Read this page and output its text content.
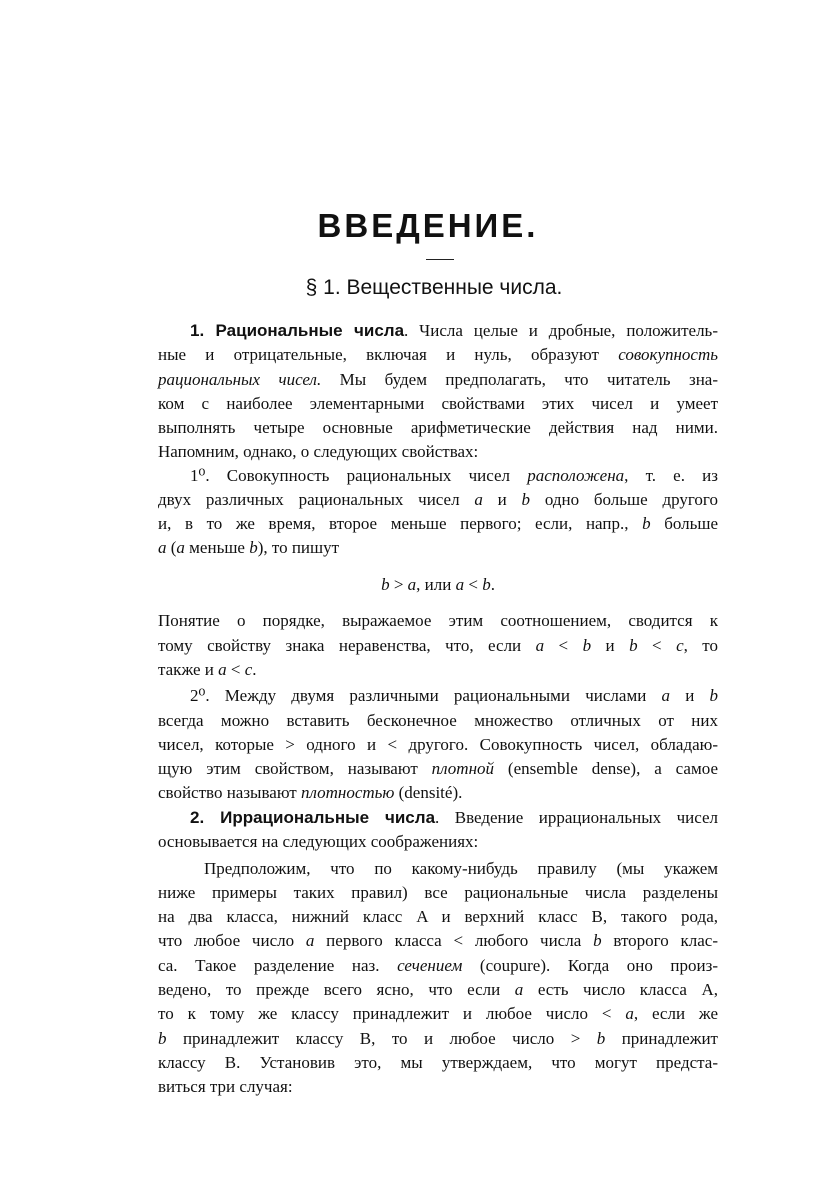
ВВЕДЕНИЕ.
§ 1. Вещественные числа.
1. Рациональные числа. Числа целые и дробные, положитель-
ные и отрицательные, включая и нуль, образуют совокупность
рациональных чисел. Мы будем предполагать, что читатель зна-
ком с наиболее элементарными свойствами этих чисел и умеет
выполнять четыре основные арифметические действия над ними.
Напомним, однако, о следующих свойствах:
1⁰. Совокупность рациональных чисел расположена, т. е. из
двух различных рациональных чисел a и b одно больше другого
и, в то же время, второе меньше первого; если, напр., b больше
a (a меньше b), то пишут
b > a, или a < b.
Понятие о порядке, выражаемое этим соотношением, сводится к
тому свойству знака неравенства, что, если a < b и b < c, то
также и a < c.
2⁰. Между двумя различными рациональными числами a и b
всегда можно вставить бесконечное множество отличных от них
чисел, которые > одного и < другого. Совокупность чисел, обладаю-
щую этим свойством, называют плотной (ensemble dense), а самое
свойство называют плотностью (densité).
2. Иррациональные числа. Введение иррациональных чисел
основывается на следующих соображениях:
Предположим, что по какому-нибудь правилу (мы укажем
ниже примеры таких правил) все рациональные числа разделены
на два класса, нижний класс A и верхний класс B, такого рода,
что любое число a первого класса < любого числа b второго клас-
са. Такое разделение наз. сечением (coupure). Когда оно произ-
ведено, то прежде всего ясно, что если a есть число класса A,
то к тому же классу принадлежит и любое число < a, если же
b принадлежит классу B, то и любое число > b принадлежит
классу B. Установив это, мы утверждаем, что могут предста-
виться три случая:
